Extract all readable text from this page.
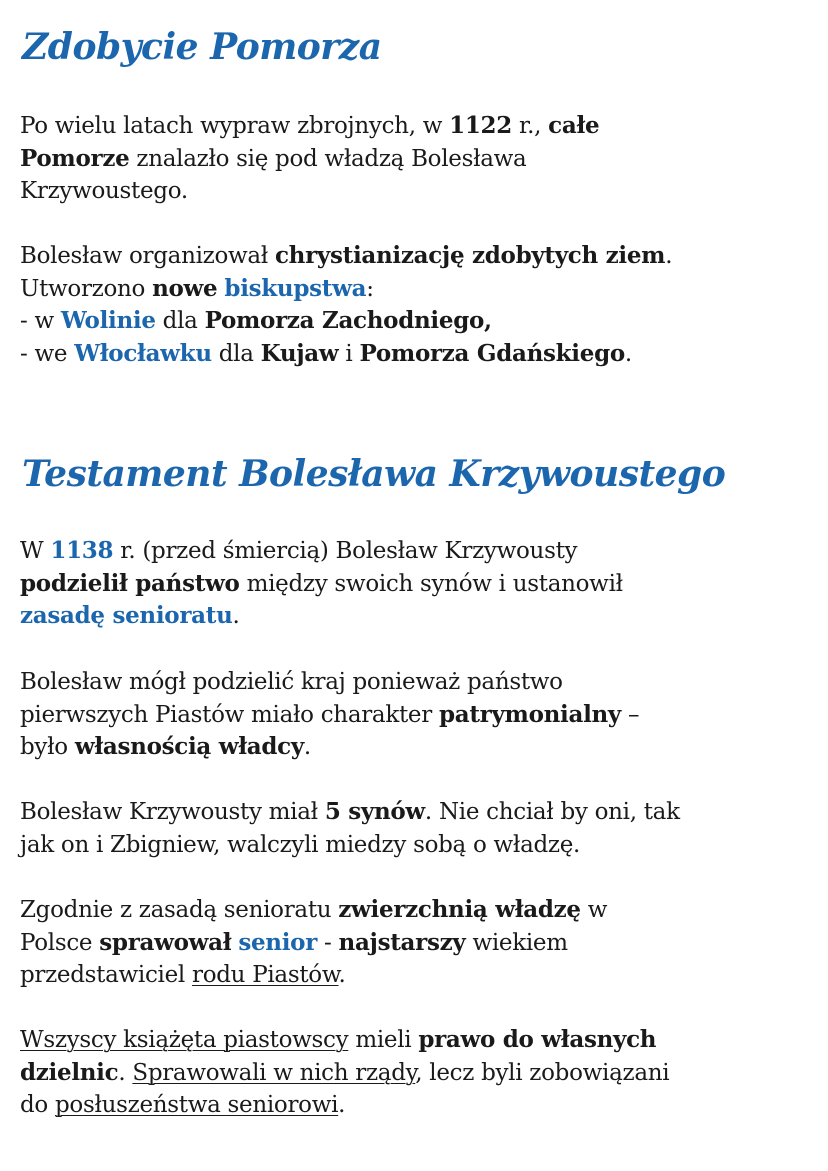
Zdobycie Pomorza

Po wielu latach wypraw zbrojnych, w 1122 r., całe
Pomorze znalazło się pod władzą Bolesława
Krzywoustego.

Bolesław organizował chrystianizację zdobytych ziem.
Utworzono nowe biskupstwa:
- w Wolinie dla Pomorza Zachodniego,
- we Włocławku dla Kujaw i Pomorza Gdańskiego.

Testament Bolesława Krzywoustego

W 1138 r. (przed śmiercią) Bolesław Krzywousty
podzielił państwo między swoich synów i ustanowił
zasadę senioratu.

Bolesław mógł podzielić kraj ponieważ państwo
pierwszych Piastów miało charakter patrymonialny –
było własnością władcy.

Bolesław Krzywousty miał 5 synów. Nie chciał by oni, tak
jak on i Zbigniew, walczyli miedzy sobą o władzę.

Zgodnie z zasadą senioratu zwierzchnią władzę w
Polsce sprawował senior - najstarszy wiekiem
przedstawiciel rodu Piastów.

Wszyscy książęta piastowscy mieli prawo do własnych
dzielnic. Sprawowali w nich rządy, lecz byli zobowiązani
do posłuszeństwa seniorowi.
